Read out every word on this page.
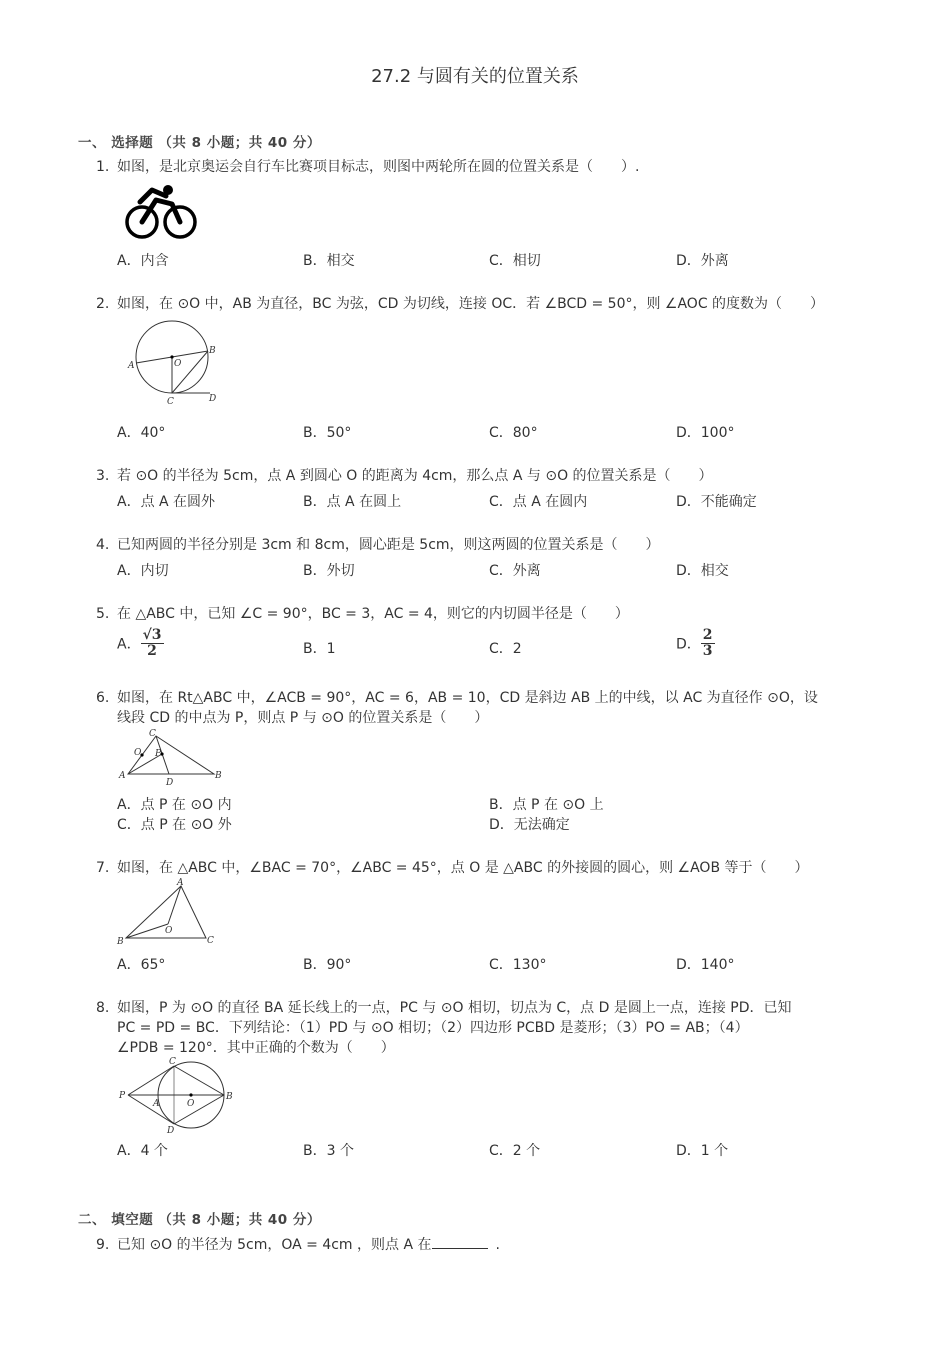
27.2 与圆有关的位置关系
一、 选择题 （共 8 小题；共 40 分）
1. 如图，是北京奥运会自行车比赛项目标志，则图中两轮所在圆的位置关系是（　　）.
A．内含	B．相交	C．相切	D．外离
2. 如图，在 ⊙O 中，AB 为直径，BC 为弦，CD 为切线，连接 OC．若 ∠BCD = 50°，则 ∠AOC 的度数为（　　）
A	O
B
C	D
A．40°	B．50°	C．80°	D．100°
3. 若 ⊙O 的半径为 5cm，点 A 到圆心 O 的距离为 4cm，那么点 A 与 ⊙O 的位置关系是（　　）
A．点 A 在圆外	B．点 A 在圆上	C．点 A 在圆内	D．不能确定
4. 已知两圆的半径分别是 3cm 和 8cm，圆心距是 5cm，则这两圆的位置关系是（　　）
A．内切	B．外切	C．外离	D．相交
5. 在 △ABC 中，已知 ∠C = 90°，BC = 3，AC = 4，则它的内切圆半径是（　　）
A． $\frac{√3}{2}$	B．1	C．2	D． $\frac{2}{3}$
6. 如图，在 Rt△ABC 中，∠ACB = 90°，AC = 6，AB = 10，CD 是斜边 AB 上的中线，以 AC 为直径作 ⊙O，设
线段 CD 的中点为 P，则点 P 与 ⊙O 的位置关系是（　　）
C
O P
A
D
B
A．点 P 在 ⊙O 内	B．点 P 在 ⊙O 上
C．点 P 在 ⊙O 外	D．无法确定
7. 如图，在 △ABC 中，∠BAC = 70°，∠ABC = 45°，点 O 是 △ABC 的外接圆的圆心，则 ∠AOB 等于（　　）
A
O
B	C
A．65°	B．90°	C．130°	D．140°
8. 如图，P 为 ⊙O 的直径 BA 延长线上的一点，PC 与 ⊙O 相切，切点为 C，点 D 是圆上一点，连接 PD．已知
PC = PD = BC．下列结论：（1）PD 与 ⊙O 相切；（2）四边形 PCBD 是菱形；（3）PO = AB；（4）
∠PDB = 120°．其中正确的个数为（　　）
C
P
A	O
B
D
A．4 个	B．3 个	C．2 个	D．1 个
二、 填空题 （共 8 小题；共 40 分）
9. 已知 ⊙O 的半径为 5cm，OA = 4cm ，则点 A 在	.
